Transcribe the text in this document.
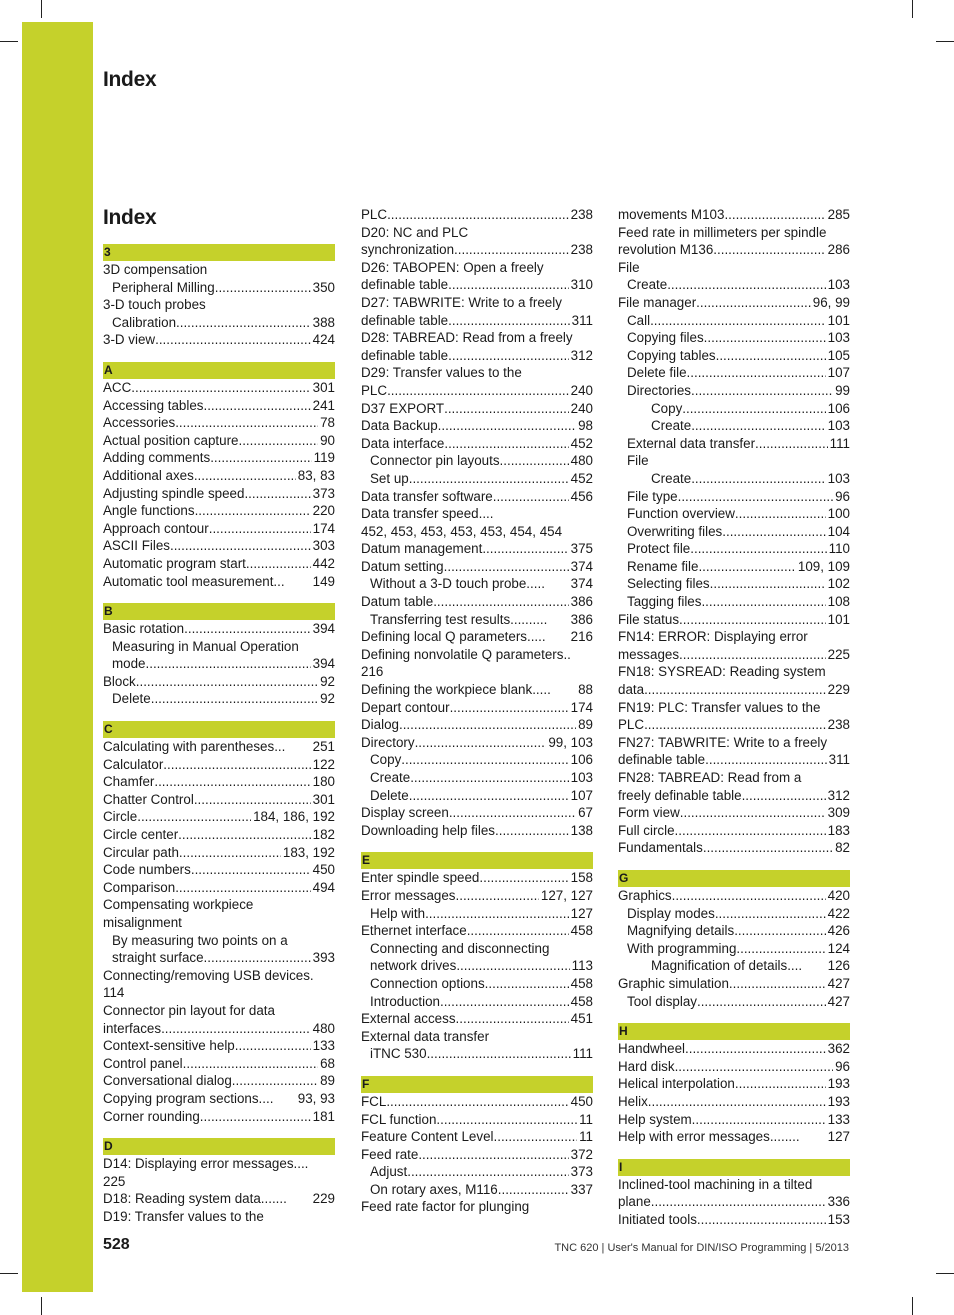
Index
Index
3
3D compensation
Peripheral Milling .....	350
3-D touch probes
Calibration .....	388
3-D view .....	424
A
ACC .....	301
Accessing tables .....	241
Accessories .....	78
Actual position capture .....	90
Adding comments .....	119
Additional axes .....	83, 83
Adjusting spindle speed .....	373
Angle functions .....	220
Approach contour .....	174
ASCII Files .....	303
Automatic program start .....	442
Automatic tool measurement... 149
B
Basic rotation .....	394
Measuring in Manual Operation
mode .....	394
Block .....	92
Delete .....	92
C
Calculating with parentheses... 251
Calculator .....	122
Chamfer .....	180
Chatter Control .....	301
Circle .....	184, 186, 192
Circle center .....	182
Circular path .....	183, 192
Code numbers .....	450
Comparison .....	494
Compensating workpiece
misalignment
By measuring two points on a
straight surface .....	393
Connecting/removing USB devices.
114
Connector pin layout for data
interfaces .....	480
Context-sensitive help .....	133
Control panel .....	68
Conversational dialog .....	89
Copying program sections.... 93, 93
Corner rounding .....	181
D
D14: Displaying error messages....
225
D18: Reading system data....... 229
D19: Transfer values to the
PLC .....	238
D20: NC and PLC
synchronization .....	238
D26: TABOPEN: Open a freely
definable table .....	310
D27: TABWRITE: Write to a freely
definable table .....	311
D28: TABREAD: Read from a freely
definable table .....	312
D29: Transfer values to the
PLC .....	240
D37 EXPORT .....	240
Data Backup .....	98
Data interface .....	452
Connector pin layouts .....	480
Set up .....	452
Data transfer software .....	456
Data transfer speed....
452, 453, 453, 453, 453, 454, 454
Datum management .....	375
Datum setting .....	374
Without a 3-D touch probe..... 374
Datum table .....	386
Transferring test results.......... 386
Defining local Q parameters..... 216
Defining nonvolatile Q parameters..
216
Defining the workpiece blank..... 88
Depart contour .....	174
Dialog .....	89
Directory .....	99, 103
Copy .....	106
Create .....	103
Delete .....	107
Display screen .....	67
Downloading help files .....	138
E
Enter spindle speed .....	158
Error messages .....	127, 127
Help with .....	127
Ethernet interface .....	458
Connecting and disconnecting
network drives .....	113
Connection options .....	458
Introduction .....	458
External access .....	451
External data transfer
iTNC 530 .....	111
F
FCL .....	450
FCL function .....	11
Feature Content Level .....	11
Feed rate .....	372
Adjust .....	373
On rotary axes, M116 .....	337
Feed rate factor for plunging
movements M103 .....	285
Feed rate in millimeters per spindle
revolution M136 .....	286
File
Create .....	103
File manager .....	96, 99
Call .....	101
Copying files .....	103
Copying tables .....	105
Delete file .....	107
Directories .....	99
Copy .....	106
Create .....	103
External data transfer .....	111
File
Create .....	103
File type .....	96
Function overview .....	100
Overwriting files .....	104
Protect file .....	110
Rename file .....	109, 109
Selecting files .....	102
Tagging files .....	108
File status .....	101
FN14: ERROR: Displaying error
messages .....	225
FN18: SYSREAD: Reading system
data .....	229
FN19: PLC: Transfer values to the
PLC .....	238
FN27: TABWRITE: Write to a freely
definable table .....	311
FN28: TABREAD: Read from a
freely definable table .....	312
Form view .....	309
Full circle .....	183
Fundamentals .....	82
G
Graphics .....	420
Display modes .....	422
Magnifying details .....	426
With programming .....	124
Magnification of details.... 126
Graphic simulation .....	427
Tool display .....	427
H
Handwheel .....	362
Hard disk .....	96
Helical interpolation .....	193
Helix .....	193
Help system .....	133
Help with error messages........ 127
I
Inclined-tool machining in a tilted
plane .....	336
Initiated tools .....	153
528	TNC 620 | User's Manual for DIN/ISO Programming | 5/2013
